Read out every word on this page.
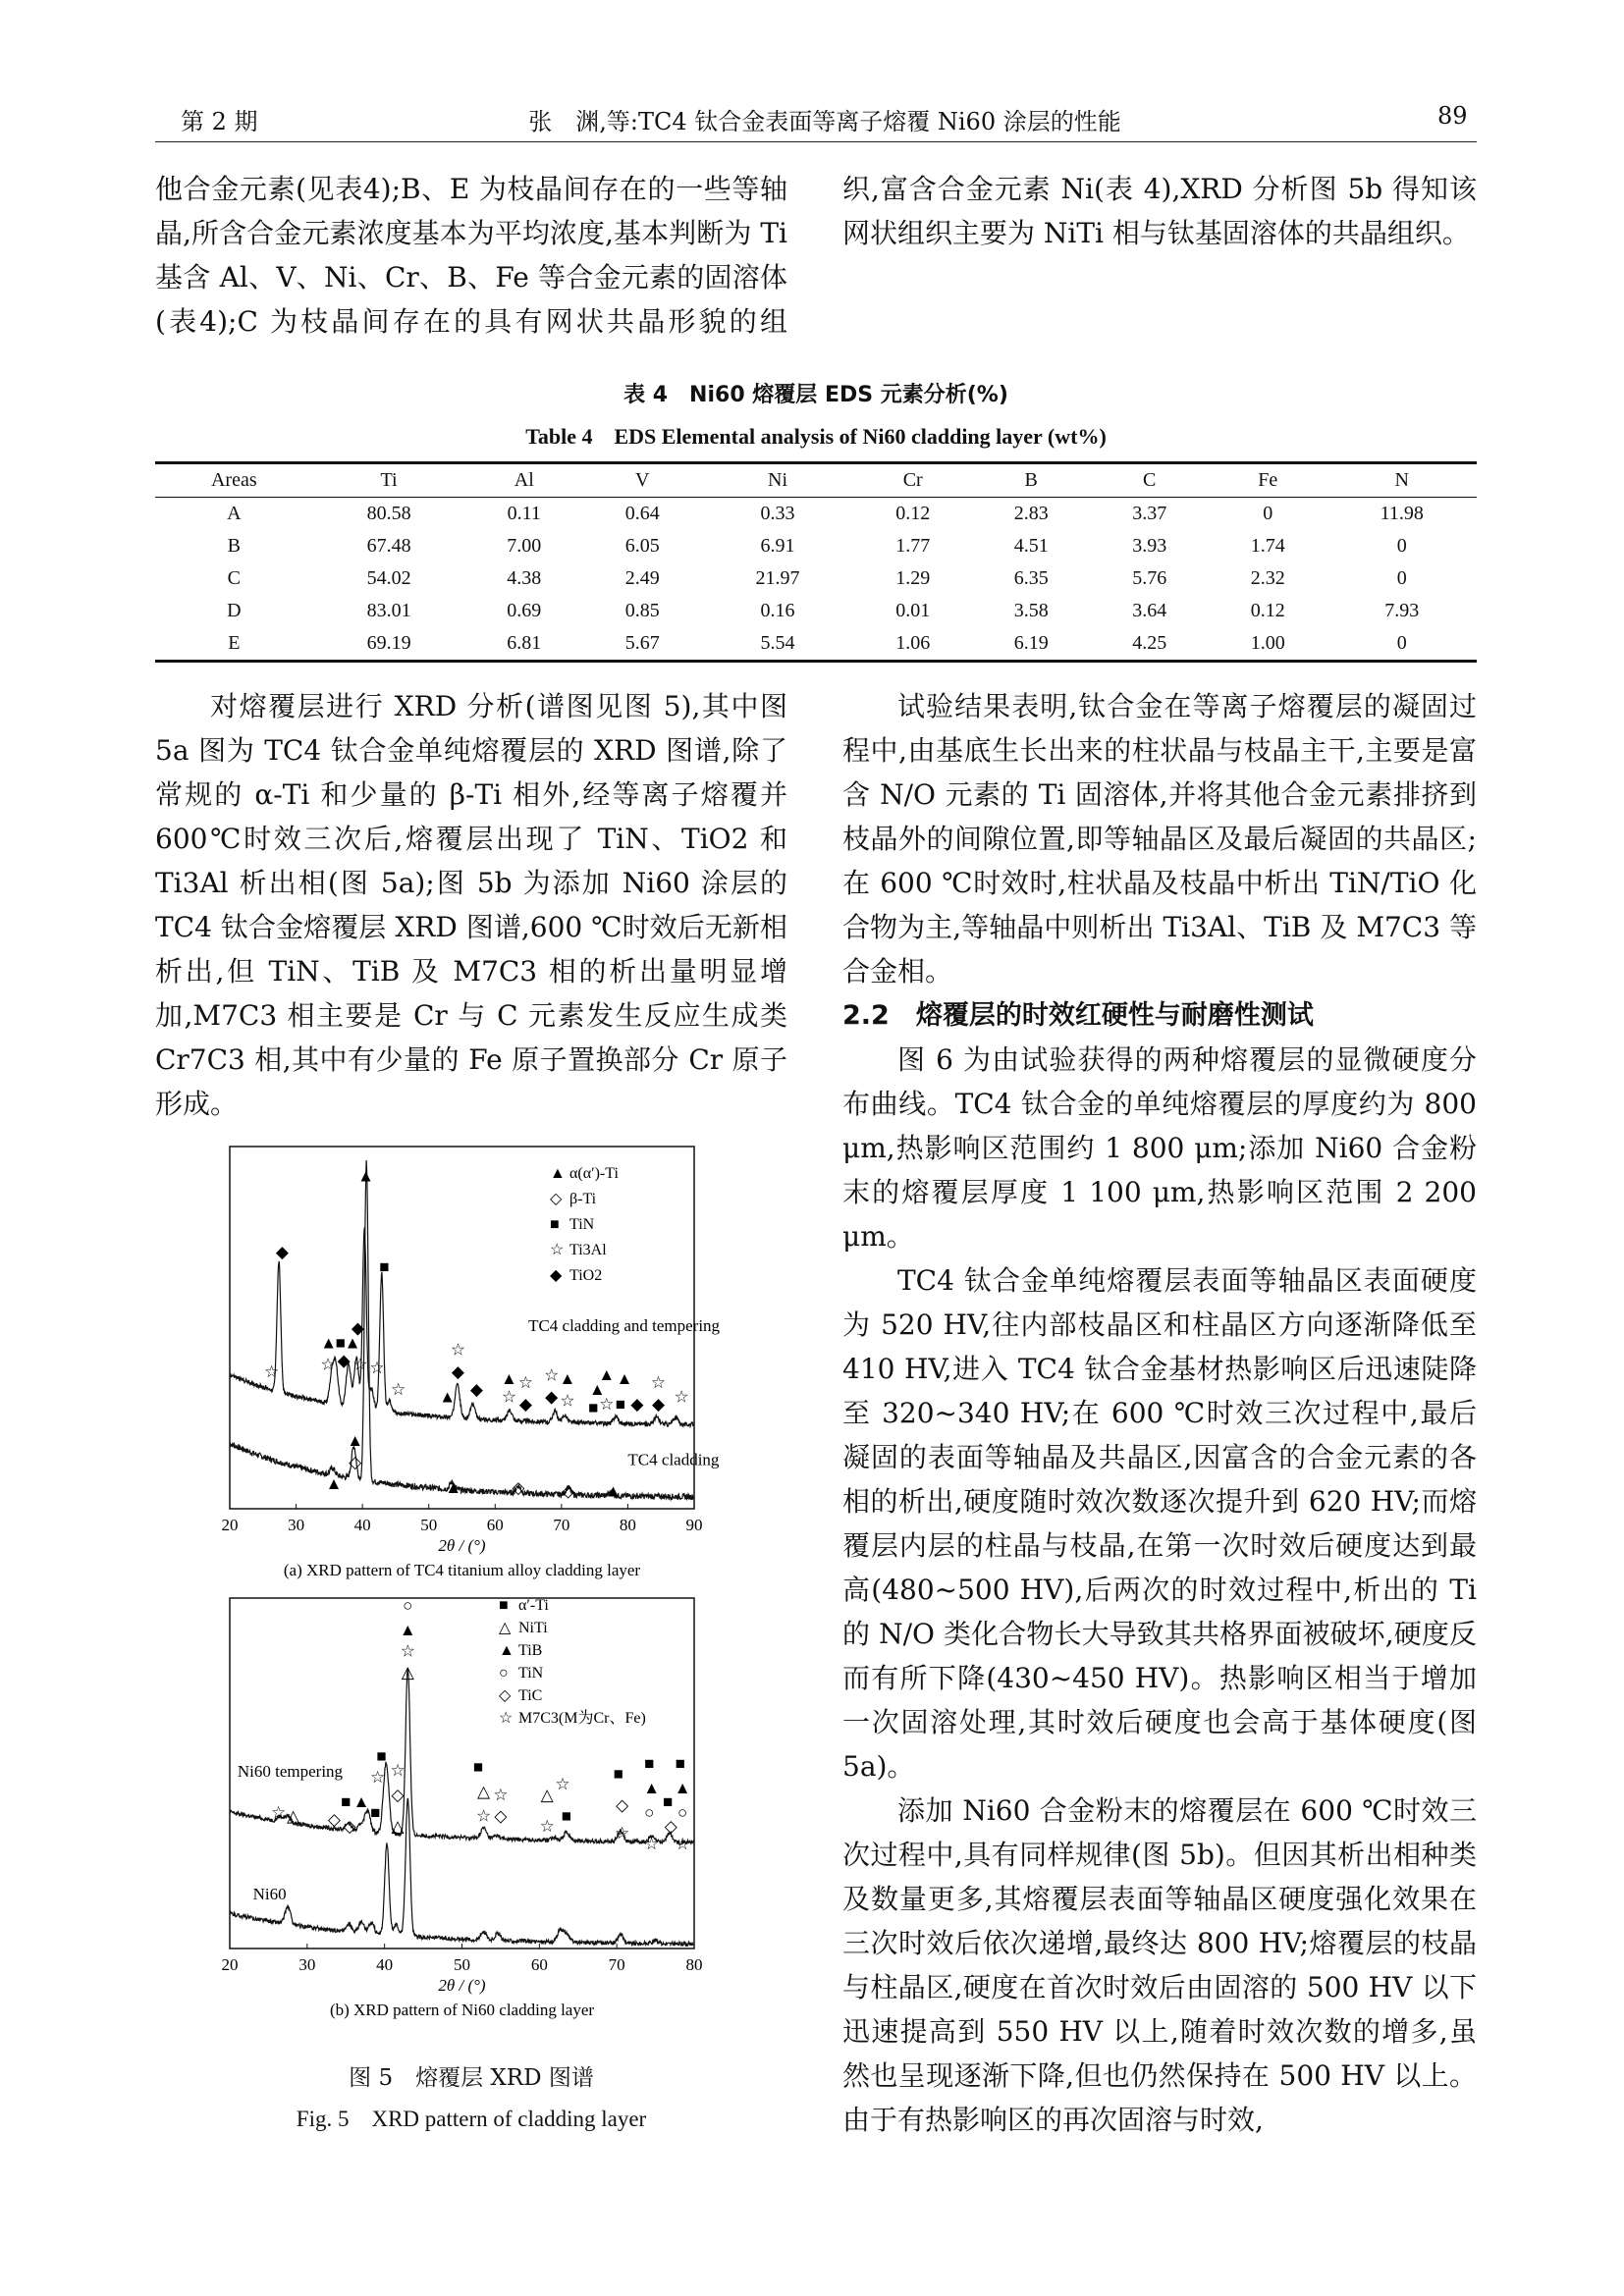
第 2 期	张　渊,等:TC4 钛合金表面等离子熔覆 Ni60 涂层的性能	89

他合金元素(见表4);B、E 为枝晶间存在的一些等轴晶,所含合金元素浓度基本为平均浓度,基本判断为 Ti 基含 Al、V、Ni、Cr、B、Fe 等合金元素的固溶体(表4);C 为枝晶间存在的具有网状共晶形貌的组

织,富含合金元素 Ni(表 4),XRD 分析图 5b 得知该网状组织主要为 NiTi 相与钛基固溶体的共晶组织。

表 4　Ni60 熔覆层 EDS 元素分析(%)
Table 4　EDS Elemental analysis of Ni60 cladding layer (wt%)
Areas	Ti	Al	V	Ni	Cr	B	C	Fe	N
A	80.58	0.11	0.64	0.33	0.12	2.83	3.37	0	11.98
B	67.48	7.00	6.05	6.91	1.77	4.51	3.93	1.74	0
C	54.02	4.38	2.49	21.97	1.29	6.35	5.76	2.32	0
D	83.01	0.69	0.85	0.16	0.01	3.58	3.64	0.12	7.93
E	69.19	6.81	5.67	5.54	1.06	6.19	4.25	1.00	0

对熔覆层进行 XRD 分析(谱图见图 5),其中图 5a 图为 TC4 钛合金单纯熔覆层的 XRD 图谱,除了常规的 α-Ti 和少量的 β-Ti 相外,经等离子熔覆并 600℃时效三次后,熔覆层出现了 TiN、TiO2 和 Ti3Al 析出相(图 5a);图 5b 为添加 Ni60 涂层的 TC4 钛合金熔覆层 XRD 图谱,600 ℃时效后无新相析出,但 TiN、TiB 及 M7C3 相的析出量明显增加,M7C3 相主要是 Cr 与 C 元素发生反应生成类 Cr7C3 相,其中有少量的 Fe 原子置换部分 Cr 原子形成。

试验结果表明,钛合金在等离子熔覆层的凝固过程中,由基底生长出来的柱状晶与枝晶主干,主要是富含 N/O 元素的 Ti 固溶体,并将其他合金元素排挤到枝晶外的间隙位置,即等轴晶区及最后凝固的共晶区;在 600 ℃时效时,柱状晶及枝晶中析出 TiN/TiO 化合物为主,等轴晶中则析出 Ti3Al、TiB 及 M7C3 等合金相。

2.2　熔覆层的时效红硬性与耐磨性测试

图 6 为由试验获得的两种熔覆层的显微硬度分布曲线。TC4 钛合金的单纯熔覆层的厚度约为 800 μm,热影响区范围约 1 800 μm;添加 Ni60 合金粉末的熔覆层厚度 1 100 μm,热影响区范围 2 200 μm。

TC4 钛合金单纯熔覆层表面等轴晶区表面硬度为 520 HV,往内部枝晶区和柱晶区方向逐渐降低至 410 HV,进入 TC4 钛合金基材热影响区后迅速陡降至 320~340 HV;在 600 ℃时效三次过程中,最后凝固的表面等轴晶及共晶区,因富含的合金元素的各相的析出,硬度随时效次数逐次提升到 620 HV;而熔覆层内层的柱晶与枝晶,在第一次时效后硬度达到最高(480~500 HV),后两次的时效过程中,析出的 Ti 的 N/O 类化合物长大导致其共格界面被破坏,硬度反而有所下降(430~450 HV)。热影响区相当于增加一次固溶处理,其时效后硬度也会高于基体硬度(图 5a)。

添加 Ni60 合金粉末的熔覆层在 600 ℃时效三次过程中,具有同样规律(图 5b)。但因其析出相种类及数量更多,其熔覆层表面等轴晶区硬度强化效果在三次时效后依次递增,最终达 800 HV;熔覆层的枝晶与柱晶区,硬度在首次时效后由固溶的 500 HV 以下迅速提高到 550 HV 以上,随着时效次数的增多,虽然也呈现逐渐下降,但也仍然保持在 500 HV 以上。由于有热影响区的再次固溶与时效,

20	30	40	50	60	70	80	90
2θ / (°)
(a) XRD pattern of TC4 titanium alloy cladding layer
▲ α(α′)-Ti
◇ β-Ti
■ TiN
☆ Ti3Al
◆ TiO2
TC4 cladding and tempering
TC4 cladding
▲
◆
■
◆
▲
■
▲
☆ ☆ ◆ ☆ ☆
☆
☆
◆
▲ ◆
▲
☆
☆
◆
☆
◆
▲
☆
▲
■
▲
☆ ■
▲
◆
☆
◆ ☆
▲
◇
▲	▲	◇ ◇ ▲
20	30	40	50	60	70	80
2θ / (°)
(b) XRD pattern of Ni60 cladding layer
■ α′-Ti
△ NiTi
▲ TiB
○ TiN
◇ TiC
☆ M7C3(M为Cr、Fe)
Ni60 tempering
Ni60
○
▲
☆
△
☆ △ ◇ ◇
■ ▲
■
■
☆ ☆
◇
△
■
△
☆
☆
◇
△
☆
☆
■
■
◇
☆
■
▲
○
☆
■
◇
■
▲
○
☆
图 5　熔覆层 XRD 图谱
Fig. 5　XRD pattern of cladding layer
